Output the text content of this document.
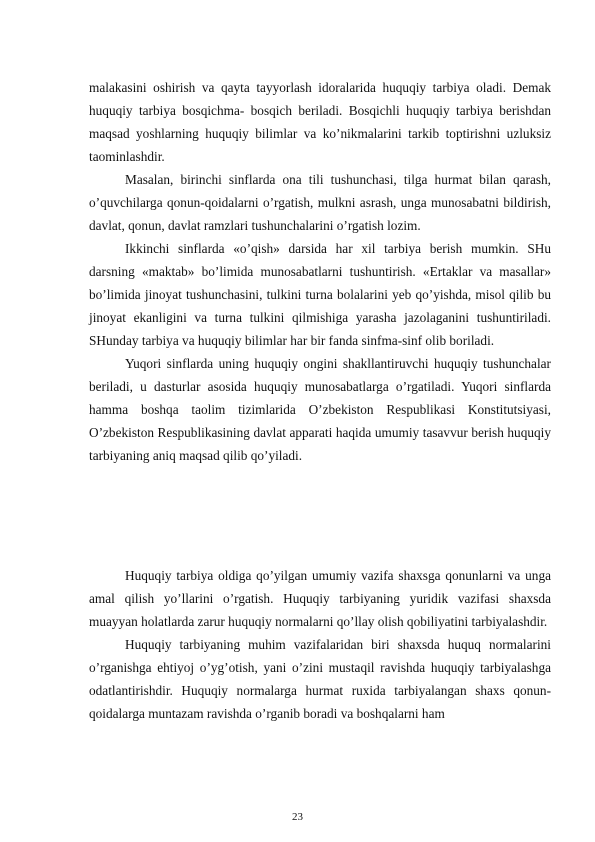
malakasini oshirish va qayta tayyorlash idoralarida huquqiy tarbiya oladi. Demak huquqiy tarbiya bosqichma- bosqich beriladi. Bosqichli huquqiy tarbiya berishdan maqsad yoshlarning huquqiy bilimlar va ko’nikmalarini tarkib toptirishni uzluksiz taominlashdir.

Masalan, birinchi sinflarda ona tili tushunchasi, tilga hurmat bilan qarash, o’quvchilarga qonun-qoidalarni o’rgatish, mulkni asrash, unga munosabatni bildirish, davlat, qonun, davlat ramzlari tushunchalarini o’rgatish lozim.

Ikkinchi sinflarda «o’qish» darsida har xil tarbiya berish mumkin. SHu darsning «maktab» bo’limida munosabatlarni tushuntirish. «Ertaklar va masallar» bo’limida jinoyat tushunchasini, tulkini turna bolalarini yeb qo’yishda, misol qilib bu jinoyat ekanligini va turna tulkini qilmishiga yarasha jazolaganini tushuntiriladi. SHunday tarbiya va huquqiy bilimlar har bir fanda sinfma-sinf olib boriladi.

Yuqori sinflarda uning huquqiy ongini shakllantiruvchi huquqiy tushunchalar beriladi, u dasturlar asosida huquqiy munosabatlarga o’rgatiladi. Yuqori sinflarda hamma boshqa taolim tizimlarida O’zbekiston Respublikasi Konstitutsiyasi, O’zbekiston Respublikasining davlat apparati haqida umumiy tasavvur berish huquqiy tarbiyaning aniq maqsad qilib qo’yiladi.

Huquqiy tarbiya oldiga qo’yilgan umumiy vazifa shaxsga qonunlarni va unga amal qilish yo’llarini o’rgatish. Huquqiy tarbiyaning yuridik vazifasi shaxsda muayyan holatlarda zarur huquqiy normalarni qo’llay olish qobiliyatini tarbiyalashdir.

Huquqiy tarbiyaning muhim vazifalaridan biri shaxsda huquq normalarini o’rganishga ehtiyoj o’yg’otish, yani o’zini mustaqil ravishda huquqiy tarbiyalashga odatlantirishdir. Huquqiy normalarga hurmat ruxida tarbiyalangan shaxs qonun-qoidalarga muntazam ravishda o’rganib boradi va boshqalarni ham

23
